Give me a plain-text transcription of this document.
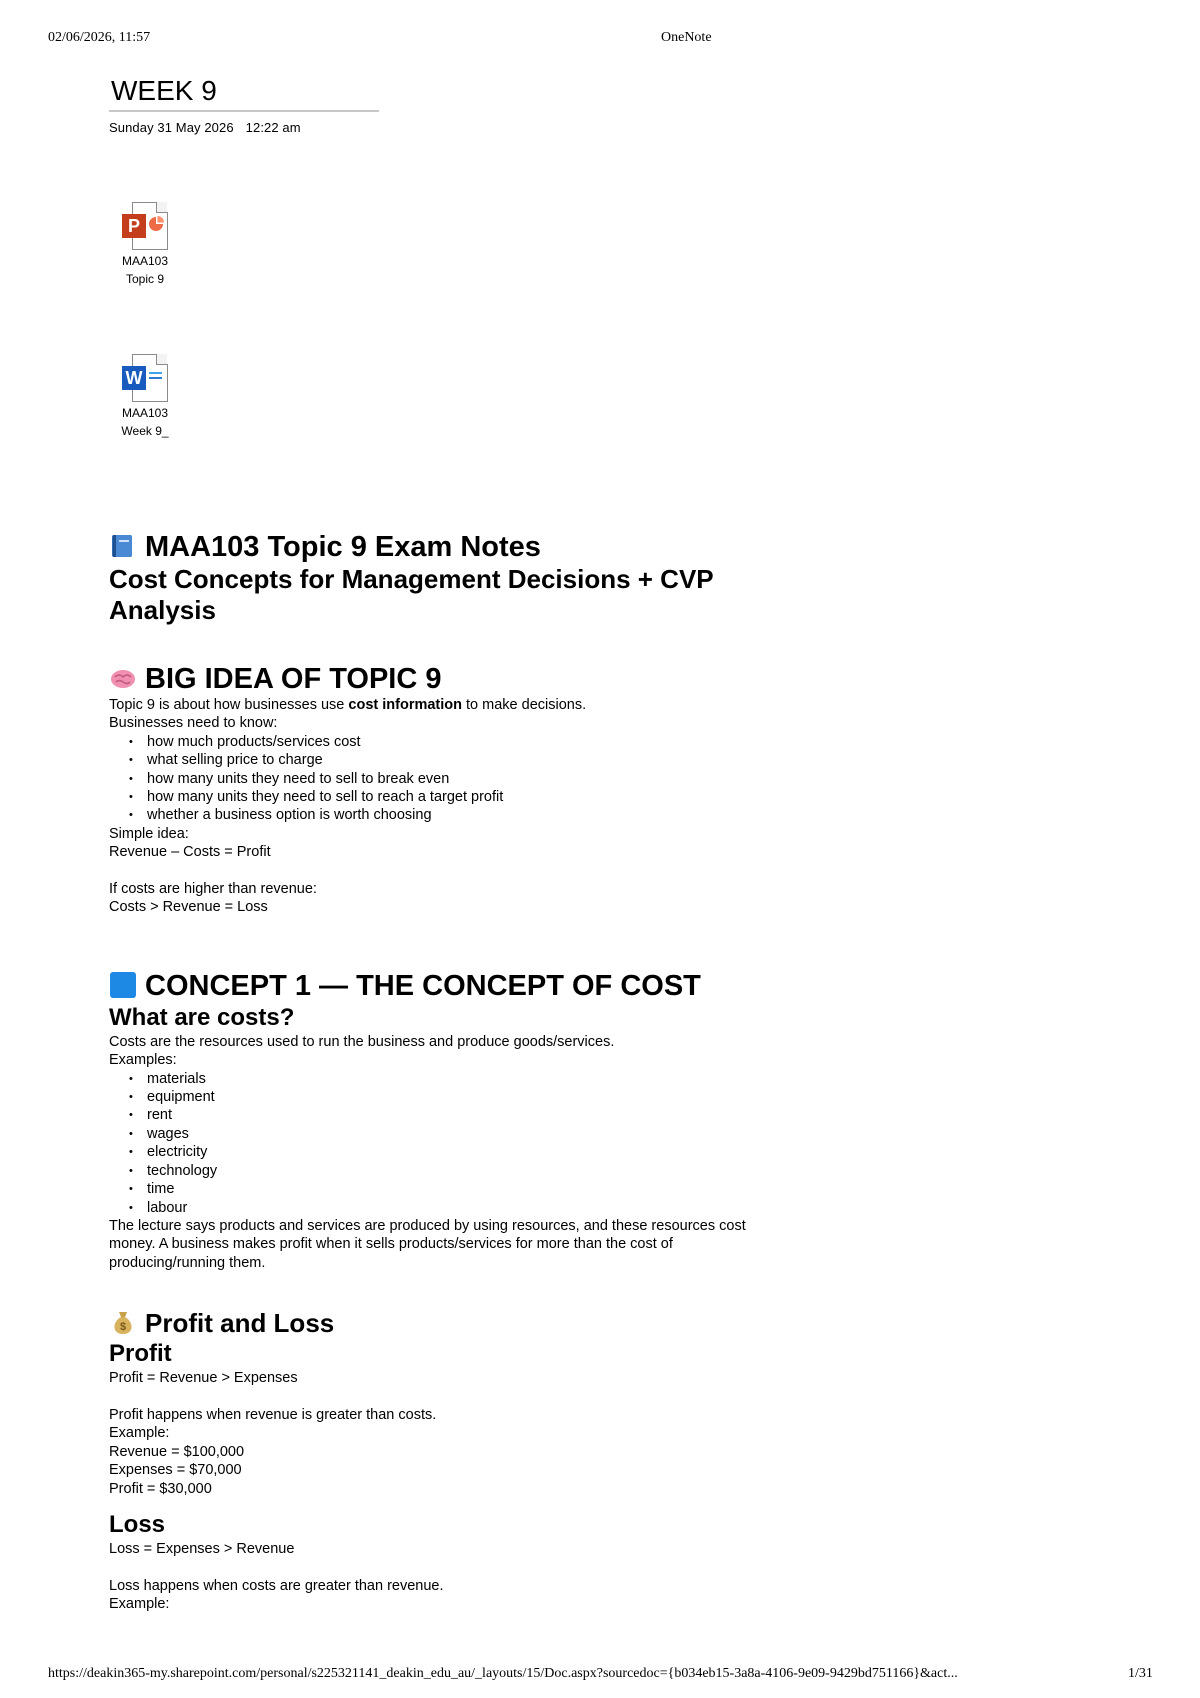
02/06/2026, 11:57	OneNote
WEEK 9
Sunday 31 May 2026 12:22 am
P
MAA103
Topic 9
W
MAA103
Week 9_
MAA103 Topic 9 Exam Notes
Cost Concepts for Management Decisions + CVP Analysis
BIG IDEA OF TOPIC 9

Topic 9 is about how businesses use cost information to make decisions.

Businesses need to know:

• how much products/services cost
• what selling price to charge
• how many units they need to sell to break even
• how many units they need to sell to reach a target profit
• whether a business option is worth choosing

Simple idea:

Revenue – Costs = Profit

If costs are higher than revenue:

Costs > Revenue = Loss

CONCEPT 1 — THE CONCEPT OF COST
What are costs?

Costs are the resources used to run the business and produce goods/services.

Examples:

• materials
• equipment
• rent
• wages
• electricity
• technology
• time
• labour

The lecture says products and services are produced by using resources, and these resources cost money. A business makes profit when it sells products/services for more than the cost of producing/running them.

$ Profit and Loss
Profit

Profit = Revenue > Expenses

Profit happens when revenue is greater than costs.

Example:

Revenue = $100,000

Expenses = $70,000

Profit = $30,000

Loss

Loss = Expenses > Revenue

Loss happens when costs are greater than revenue.

Example:

https://deakin365-my.sharepoint.com/personal/s225321141_deakin_edu_au/_layouts/15/Doc.aspx?sourcedoc={b034eb15-3a8a-4106-9e09-9429bd751166}&act...	1/31
